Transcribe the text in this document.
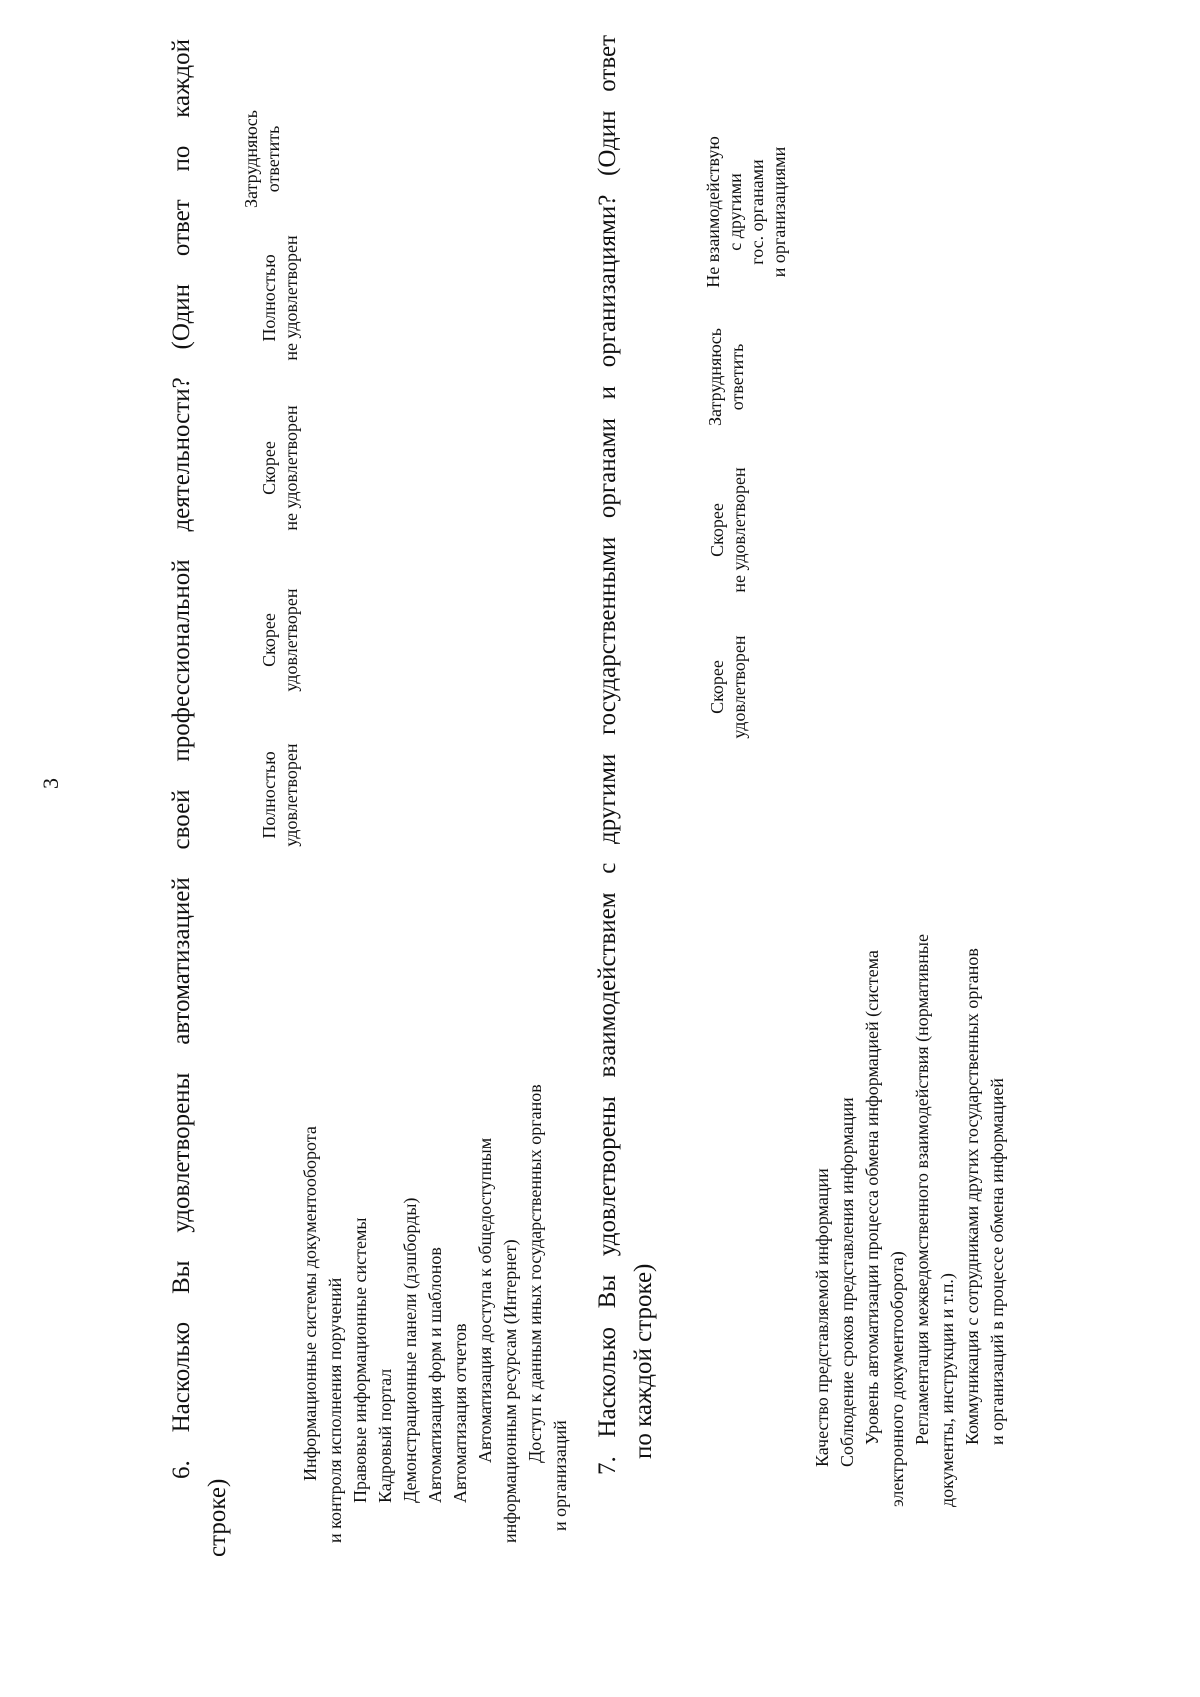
3	6. Насколько Вы удовлетворены автоматизацией своей профессиональной деятельности? (Один ответ по каждой
строке)
Полностью удовлетворен
Скорее удовлетворен
Скорее не удовлетворен
Полностью не удовлетворен
Затрудняюсь ответить
Информационные системы документооборота и контроля исполнения поручений Правовые информационные системы Кадровый портал Демонстрационные панели (дэшборды) Автоматизация форм и шаблонов Автоматизация отчетов Автоматизация доступа к общедоступным информационным ресурсам (Интернет) Доступ к данным иных государственных органов
и организаций
7. Насколько Вы удовлетворены взаимодействием с другими государственными органами и организациями? (Один ответ по каждой строке)
Скорее удовлетворен
Скорее не удовлетворен
Затрудняюсь ответить
Не взаимодействую с другими гос. органами и организациями
Качество представляемой информации Соблюдение сроков представления информации Уровень автоматизации процесса обмена информацией (система электронного документооборота) Регламентация межведомственного взаимодействия (нормативные документы, инструкции и т.п.) Коммуникация с сотрудниками других государственных органов и организаций в процессе обмена информацией
